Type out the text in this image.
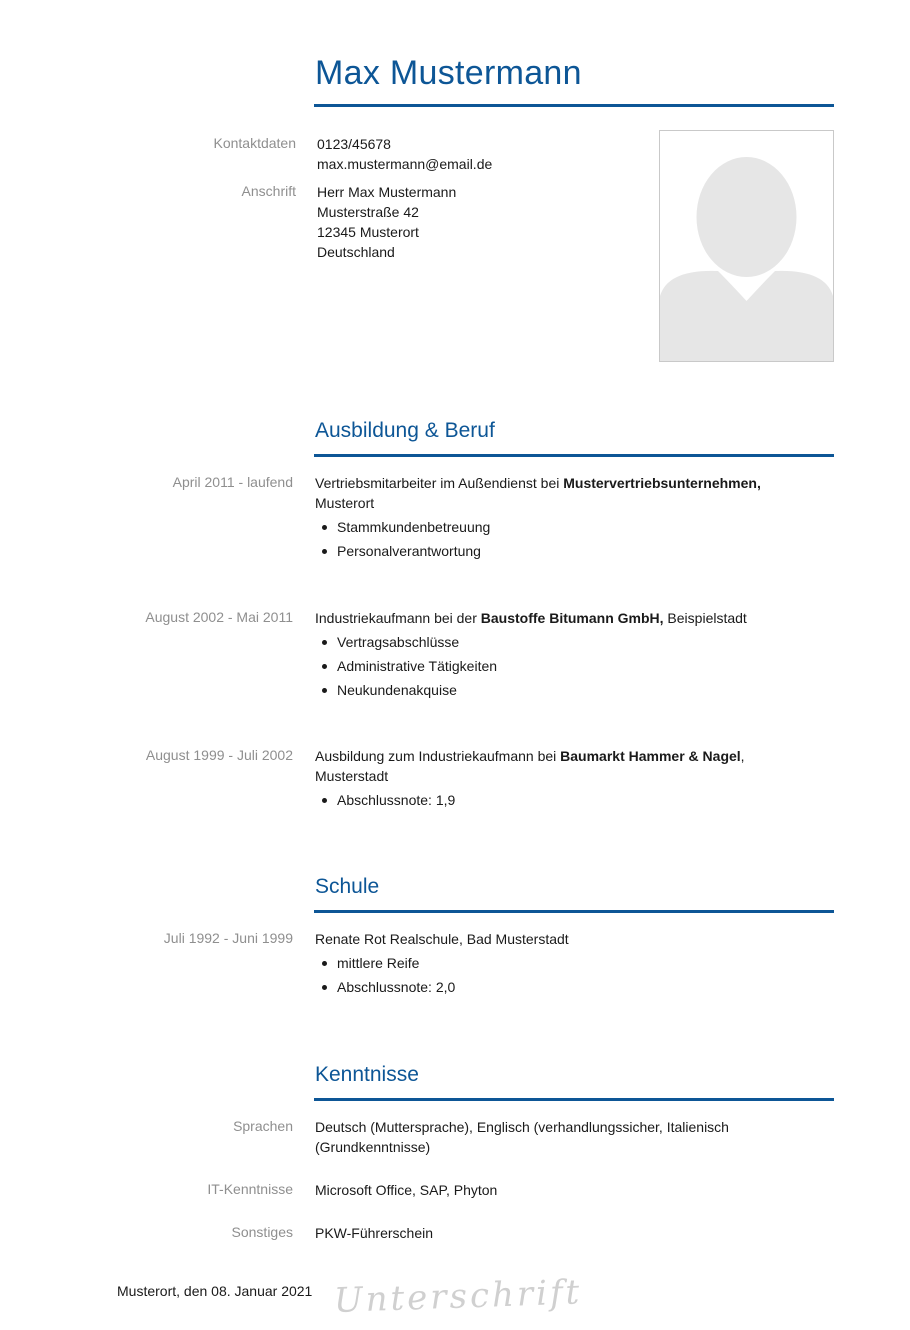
Max Mustermann
Kontaktdaten 0123/45678
max.mustermann@email.de
Anschrift Herr Max Mustermann
Musterstraße 42
12345 Musterort
Deutschland
Ausbildung & Beruf
April 2011 - laufend Vertriebsmitarbeiter im Außendienst bei Mustervertriebsunternehmen,
Musterort
Stammkundenbetreuung
Personalverantwortung
August 2002 - Mai 2011 Industriekaufmann bei der Baustoffe Bitumann GmbH, Beispielstadt
Vertragsabschlüsse
Administrative Tätigkeiten
Neukundenakquise
August 1999 - Juli 2002 Ausbildung zum Industriekaufmann bei Baumarkt Hammer & Nagel,
Musterstadt
Abschlussnote: 1,9
Schule
Juli 1992 - Juni 1999 Renate Rot Realschule, Bad Musterstadt
mittlere Reife
Abschlussnote: 2,0
Kenntnisse
Sprachen Deutsch (Muttersprache), Englisch (verhandlungssicher, Italienisch
(Grundkenntnisse)
IT-Kenntnisse Microsoft Office, SAP, Phyton
Sonstiges PKW-Führerschein
Musterort, den 08. Januar 2021 Unterschrift
